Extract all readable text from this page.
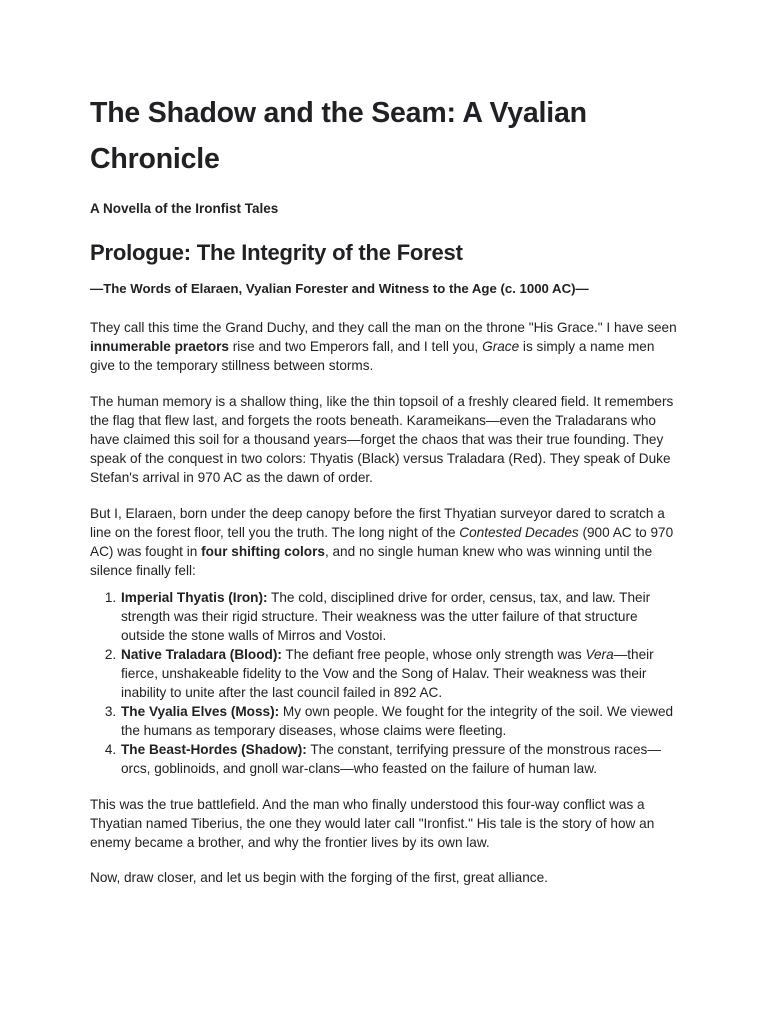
The Shadow and the Seam: A Vyalian Chronicle

A Novella of the Ironfist Tales

Prologue: The Integrity of the Forest

—The Words of Elaraen, Vyalian Forester and Witness to the Age (c. 1000 AC)—

They call this time the Grand Duchy, and they call the man on the throne "His Grace." I have seen innumerable praetors rise and two Emperors fall, and I tell you, Grace is simply a name men give to the temporary stillness between storms.

The human memory is a shallow thing, like the thin topsoil of a freshly cleared field. It remembers the flag that flew last, and forgets the roots beneath. Karameikans—even the Traladarans who have claimed this soil for a thousand years—forget the chaos that was their true founding. They speak of the conquest in two colors: Thyatis (Black) versus Traladara (Red). They speak of Duke Stefan's arrival in 970 AC as the dawn of order.

But I, Elaraen, born under the deep canopy before the first Thyatian surveyor dared to scratch a line on the forest floor, tell you the truth. The long night of the Contested Decades (900 AC to 970 AC) was fought in four shifting colors, and no single human knew who was winning until the silence finally fell:

1. Imperial Thyatis (Iron): The cold, disciplined drive for order, census, tax, and law. Their strength was their rigid structure. Their weakness was the utter failure of that structure outside the stone walls of Mirros and Vostoi.
2. Native Traladara (Blood): The defiant free people, whose only strength was Vera—their fierce, unshakeable fidelity to the Vow and the Song of Halav. Their weakness was their inability to unite after the last council failed in 892 AC.
3. The Vyalia Elves (Moss): My own people. We fought for the integrity of the soil. We viewed the humans as temporary diseases, whose claims were fleeting.
4. The Beast-Hordes (Shadow): The constant, terrifying pressure of the monstrous races—orcs, goblinoids, and gnoll war-clans—who feasted on the failure of human law.

This was the true battlefield. And the man who finally understood this four-way conflict was a Thyatian named Tiberius, the one they would later call "Ironfist." His tale is the story of how an enemy became a brother, and why the frontier lives by its own law.

Now, draw closer, and let us begin with the forging of the first, great alliance.
